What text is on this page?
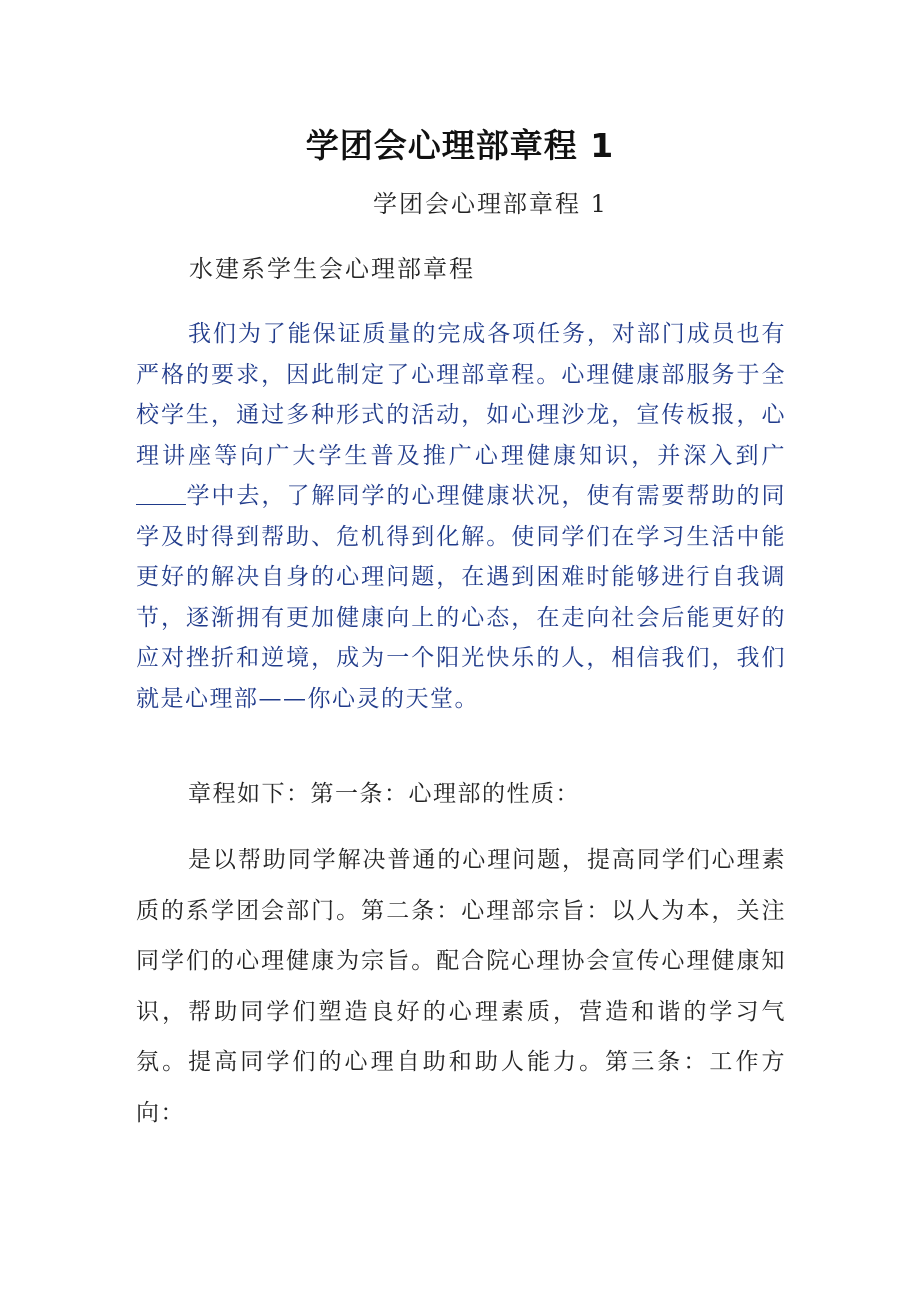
学团会心理部章程 1
学团会心理部章程 1
水建系学生会心理部章程

我们为了能保证质量的完成各项任务，对部门成员也有严格的要求，因此制定了心理部章程。心理健康部服务于全校学生，通过多种形式的活动，如心理沙龙，宣传板报，心理讲座等向广大学生普及推广心理健康知识，并深入到广学中去，了解同学的心理健康状况，使有需要帮助的同学及时得到帮助、危机得到化解。使同学们在学习生活中能更好的解决自身的心理问题，在遇到困难时能够进行自我调节，逐渐拥有更加健康向上的心态，在走向社会后能更好的应对挫折和逆境，成为一个阳光快乐的人，相信我们，我们就是心理部——你心灵的天堂。

章程如下：第一条：心理部的性质：

是以帮助同学解决普通的心理问题，提高同学们心理素质的系学团会部门。第二条：心理部宗旨：以人为本，关注同学们的心理健康为宗旨。配合院心理协会宣传心理健康知识，帮助同学们塑造良好的心理素质，营造和谐的学习气氛。提高同学们的心理自助和助人能力。第三条：工作方向：
